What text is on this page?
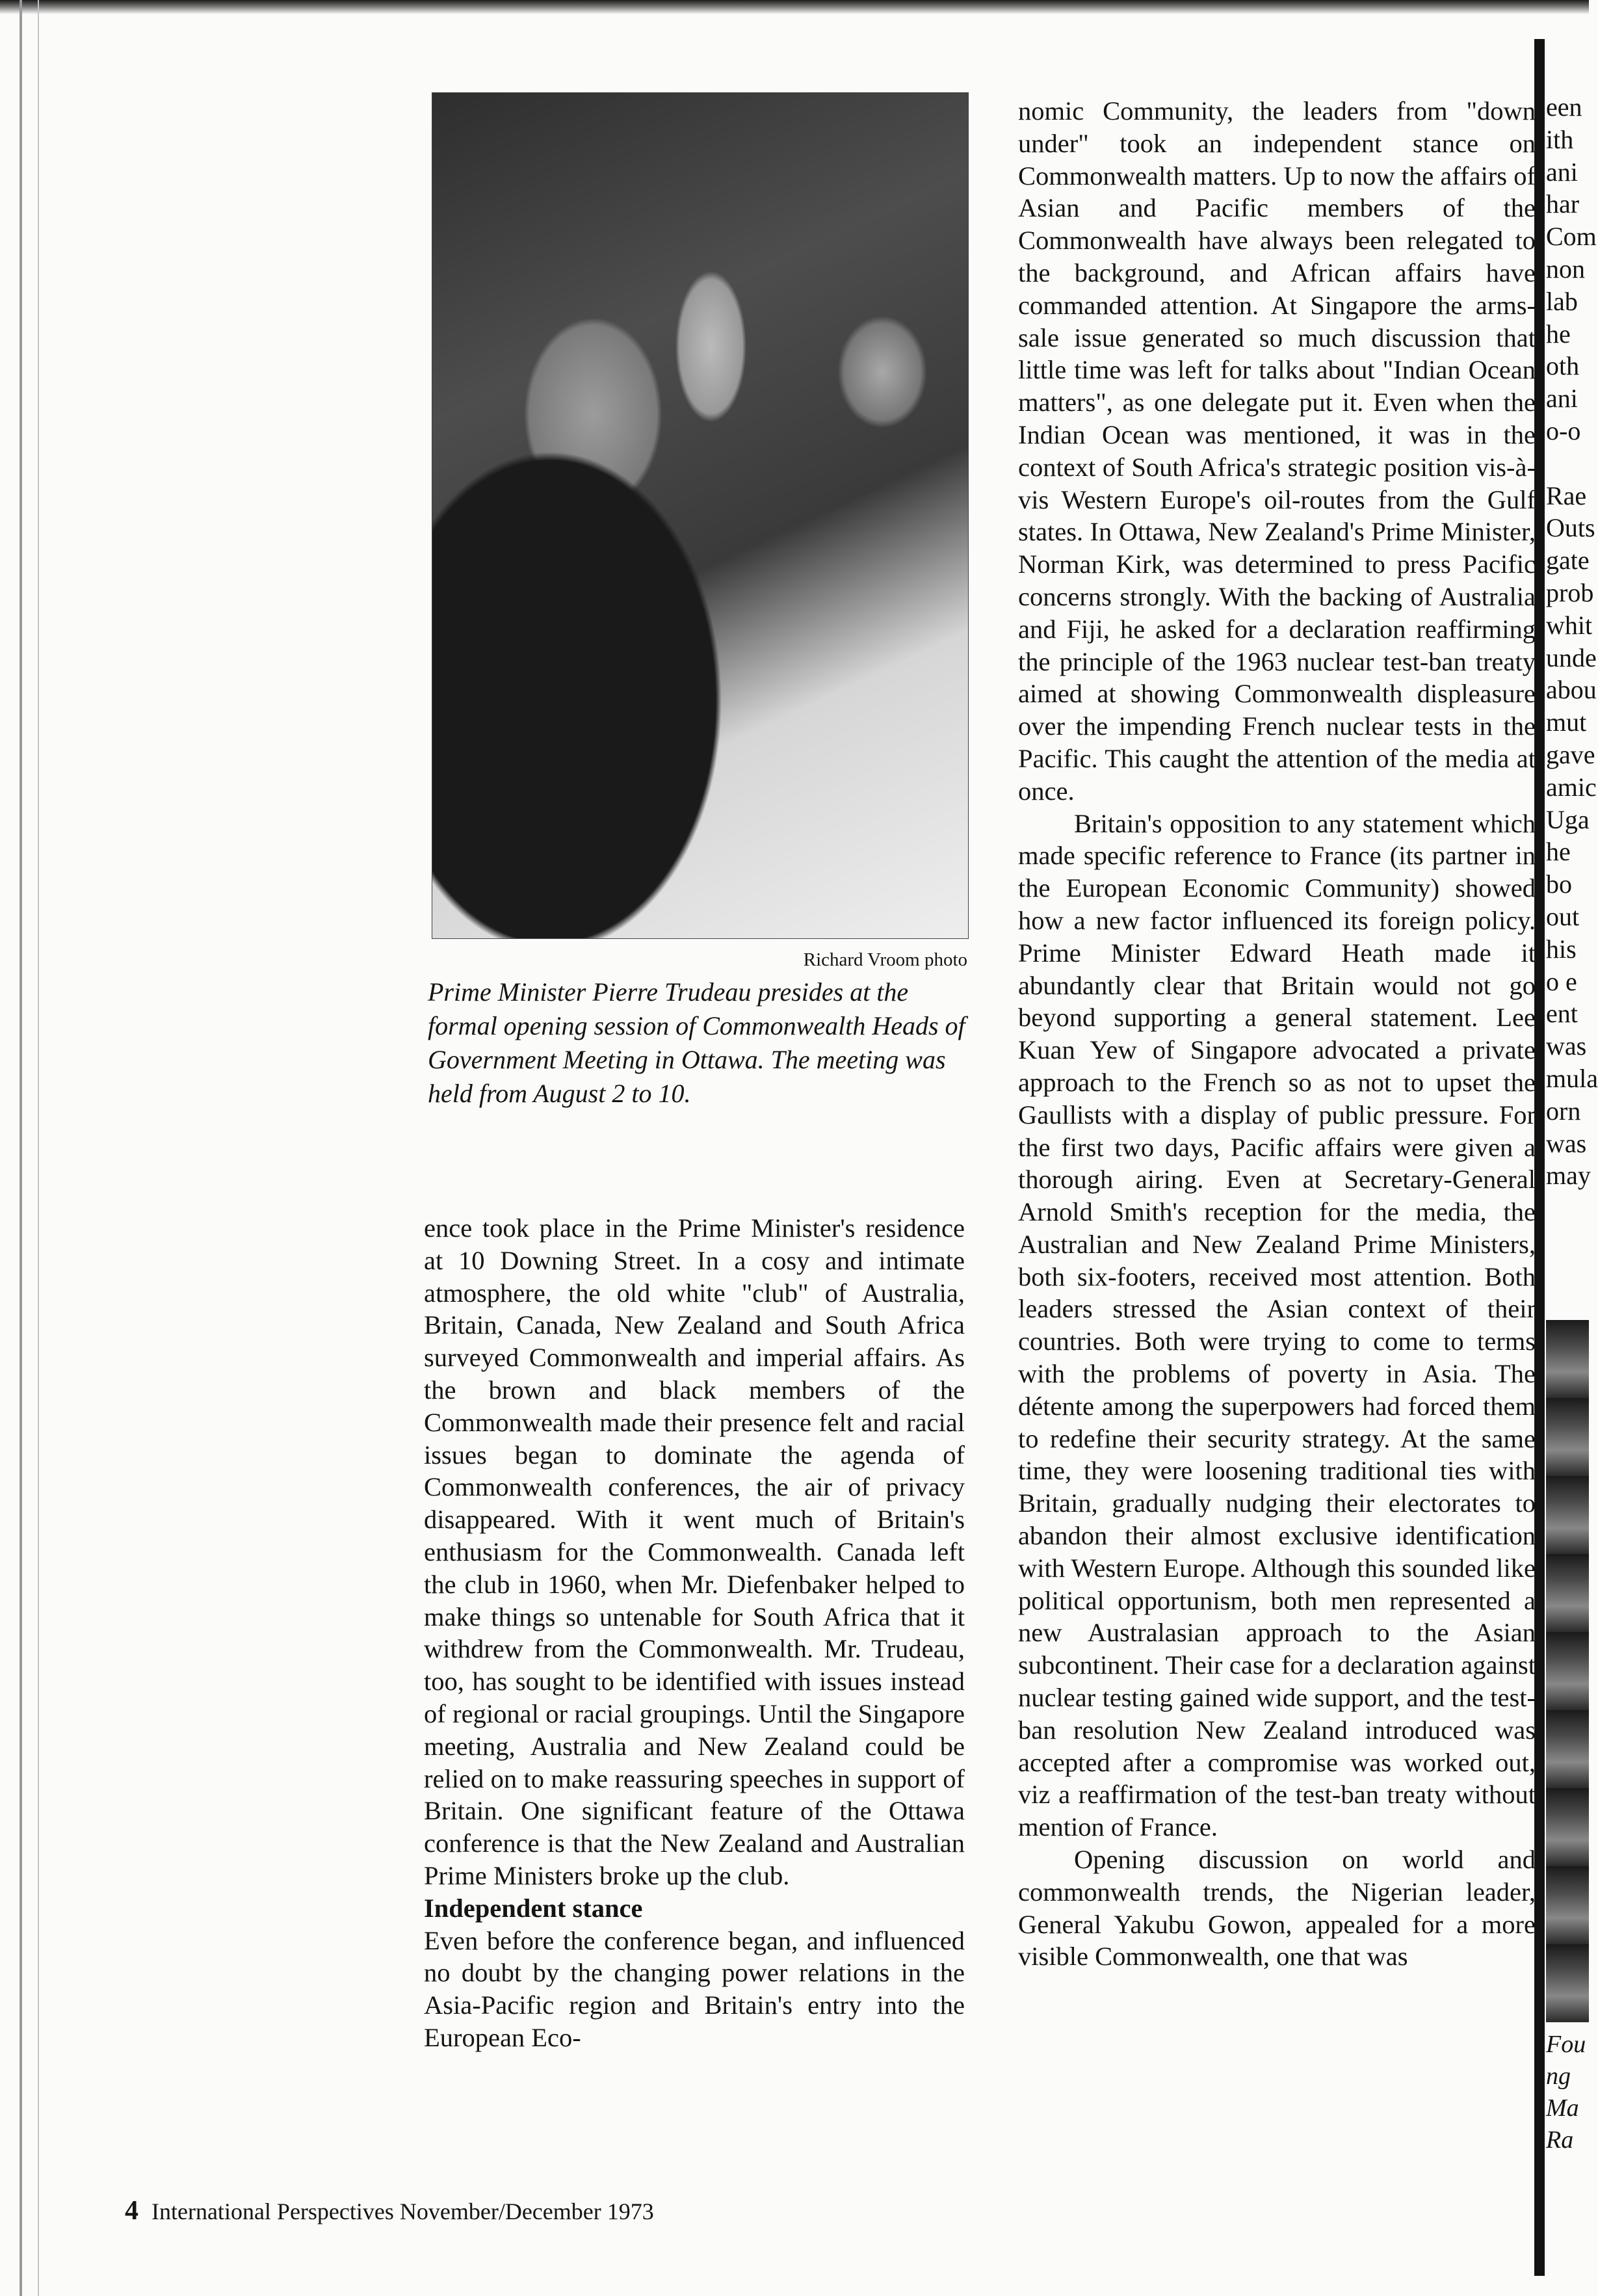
Richard Vroom photo
Prime Minister Pierre Trudeau presides at the formal opening session of Commonwealth Heads of Government Meeting in Ottawa. The meeting was held from August 2 to 10.

ence took place in the Prime Minister's residence at 10 Downing Street. In a cosy and intimate atmosphere, the old white "club" of Australia, Britain, Canada, New Zealand and South Africa surveyed Commonwealth and imperial affairs. As the brown and black members of the Commonwealth made their presence felt and racial issues began to dominate the agenda of Commonwealth conferences, the air of privacy disappeared. With it went much of Britain's enthusiasm for the Commonwealth. Canada left the club in 1960, when Mr. Diefenbaker helped to make things so untenable for South Africa that it withdrew from the Commonwealth. Mr. Trudeau, too, has sought to be identified with issues instead of regional or racial groupings. Until the Singapore meeting, Australia and New Zealand could be relied on to make reassuring speeches in support of Britain. One significant feature of the Ottawa conference is that the New Zealand and Australian Prime Ministers broke up the club.

Independent stance

Even before the conference began, and influenced no doubt by the changing power relations in the Asia-Pacific region and Britain's entry into the European Eco-

nomic Community, the leaders from "down under" took an independent stance on Commonwealth matters. Up to now the affairs of Asian and Pacific members of the Commonwealth have always been relegated to the background, and African affairs have commanded attention. At Singapore the arms-sale issue generated so much discussion that little time was left for talks about "Indian Ocean matters", as one delegate put it. Even when the Indian Ocean was mentioned, it was in the context of South Africa's strategic position vis-à-vis Western Europe's oil-routes from the Gulf states. In Ottawa, New Zealand's Prime Minister, Norman Kirk, was determined to press Pacific concerns strongly. With the backing of Australia and Fiji, he asked for a declaration reaffirming the principle of the 1963 nuclear test-ban treaty aimed at showing Commonwealth displeasure over the impending French nuclear tests in the Pacific. This caught the attention of the media at once.

Britain's opposition to any statement which made specific reference to France (its partner in the European Economic Community) showed how a new factor influenced its foreign policy. Prime Minister Edward Heath made it abundantly clear that Britain would not go beyond supporting a general statement. Lee Kuan Yew of Singapore advocated a private approach to the French so as not to upset the Gaullists with a display of public pressure. For the first two days, Pacific affairs were given a thorough airing. Even at Secretary-General Arnold Smith's reception for the media, the Australian and New Zealand Prime Ministers, both six-footers, received most attention. Both leaders stressed the Asian context of their countries. Both were trying to come to terms with the problems of poverty in Asia. The détente among the superpowers had forced them to redefine their security strategy. At the same time, they were loosening traditional ties with Britain, gradually nudging their electorates to abandon their almost exclusive identification with Western Europe. Although this sounded like political opportunism, both men represented a new Australasian approach to the Asian subcontinent. Their case for a declaration against nuclear testing gained wide support, and the test-ban resolution New Zealand introduced was accepted after a compromise was worked out, viz a reaffirmation of the test-ban treaty without mention of France.

Opening discussion on world and commonwealth trends, the Nigerian leader, General Yakubu Gowon, appealed for a more visible Commonwealth, one that was

een
ith
ani
har
Com
non
lab
he
oth
ani
o-o
Rae
Outs
gate
prob
whit
unde
abou
mut
gave
amic
Uga
he
bo
out
his
o e
ent
was
mula
orn
was
may
Fou
ng
Ma
Ra
4 International Perspectives November/December 1973
